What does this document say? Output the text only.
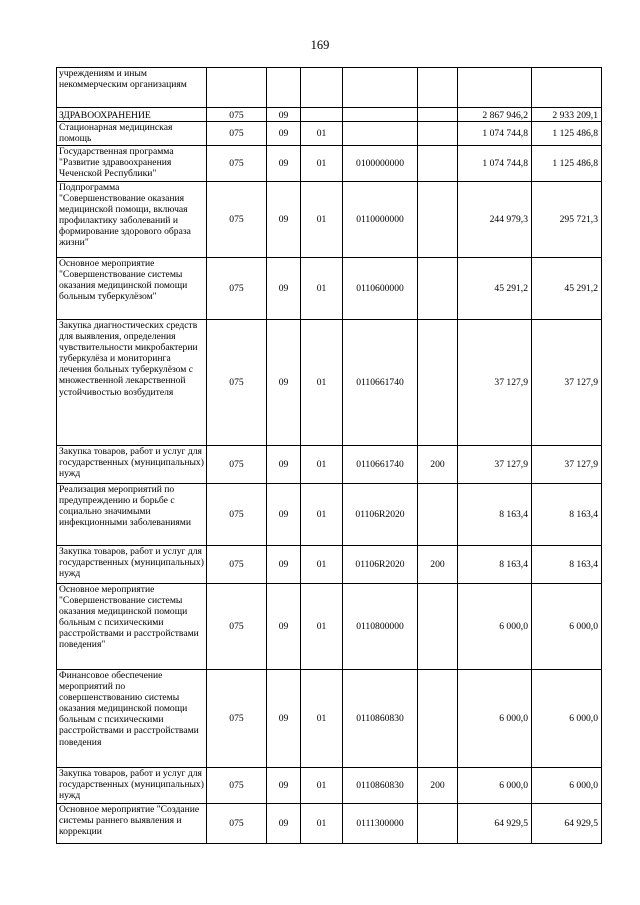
169
учреждениям и иным некоммерческим организациям							
ЗДРАВООХРАНЕНИЕ	075	09				2 867 946,2	2 933 209,1
Стационарная медицинская помощь	075	09	01			1 074 744,8	1 125 486,8
Государственная программа "Развитие здравоохранения Чеченской Республики"	075	09	01	0100000000		1 074 744,8	1 125 486,8
Подпрограмма "Совершенствование оказания медицинской помощи, включая профилактику заболеваний и формирование здорового образа жизни"	075	09	01	0110000000		244 979,3	295 721,3
Основное мероприятие "Совершенствование системы оказания медицинской помощи больным туберкулёзом"	075	09	01	0110600000		45 291,2	45 291,2
Закупка диагностических средств для выявления, определения чувствительности микробактерии туберкулёза и мониторинга лечения больных туберкулёзом с множественной лекарственной устойчивостью возбудителя	075	09	01	0110661740		37 127,9	37 127,9
Закупка товаров, работ и услуг для государственных (муниципальных) нужд	075	09	01	0110661740	200	37 127,9	37 127,9
Реализация мероприятий по предупреждению и борьбе с социально значимыми инфекционными заболеваниями	075	09	01	01106R2020		8 163,4	8 163,4
Закупка товаров, работ и услуг для государственных (муниципальных) нужд	075	09	01	01106R2020	200	8 163,4	8 163,4
Основное мероприятие "Совершенствование системы оказания медицинской помощи больным с психическими расстройствами и расстройствами поведения"	075	09	01	0110800000		6 000,0	6 000,0
Финансовое обеспечение мероприятий по совершенствованию системы оказания медицинской помощи больным с психическими расстройствами и расстройствами поведения	075	09	01	0110860830		6 000,0	6 000,0
Закупка товаров, работ и услуг для государственных (муниципальных) нужд	075	09	01	0110860830	200	6 000,0	6 000,0
Основное мероприятие "Создание системы раннего выявления и коррекции	075	09	01	0111300000		64 929,5	64 929,5
